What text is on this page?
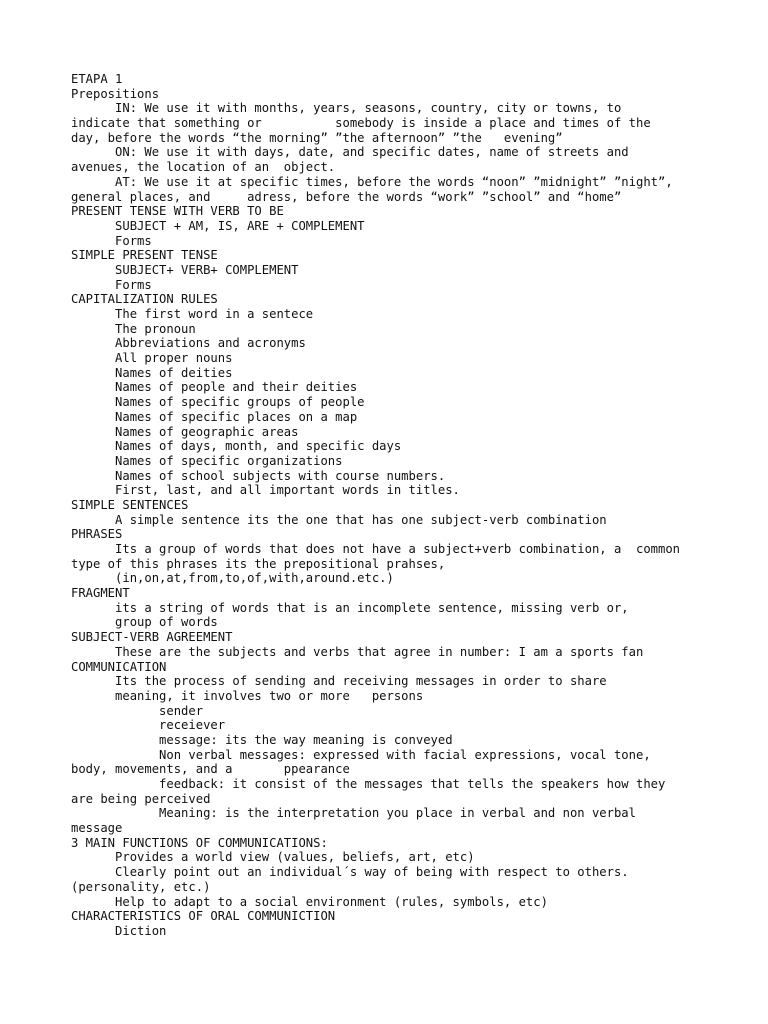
ETAPA 1
Prepositions
IN: We use it with months, years, seasons, country, city or towns, to
indicate that something or          somebody is inside a place and times of the
day, before the words “the morning” ”the afternoon” ”the   evening”
ON: We use it with days, date, and specific dates, name of streets and
avenues, the location of an  object.
AT: We use it at specific times, before the words “noon” ”midnight” ”night”,
general places, and     adress, before the words “work” ”school” and “home”
PRESENT TENSE WITH VERB TO BE
SUBJECT + AM, IS, ARE + COMPLEMENT
Forms
SIMPLE PRESENT TENSE
SUBJECT+ VERB+ COMPLEMENT
Forms
CAPITALIZATION RULES
The first word in a sentece
The pronoun
Abbreviations and acronyms
All proper nouns
Names of deities
Names of people and their deities
Names of specific groups of people
Names of specific places on a map
Names of geographic areas
Names of days, month, and specific days
Names of specific organizations
Names of school subjects with course numbers.
First, last, and all important words in titles.
SIMPLE SENTENCES
A simple sentence its the one that has one subject-verb combination
PHRASES
Its a group of words that does not have a subject+verb combination, a  common
type of this phrases its the prepositional prahses,
(in,on,at,from,to,of,with,around.etc.)
FRAGMENT
its a string of words that is an incomplete sentence, missing verb or,
group of words
SUBJECT-VERB AGREEMENT
These are the subjects and verbs that agree in number: I am a sports fan
COMMUNICATION
Its the process of sending and receiving messages in order to share
meaning, it involves two or more   persons
sender
receiever
message: its the way meaning is conveyed
Non verbal messages: expressed with facial expressions, vocal tone,
body, movements, and a       ppearance
feedback: it consist of the messages that tells the speakers how they
are being perceived
Meaning: is the interpretation you place in verbal and non verbal
message
3 MAIN FUNCTIONS OF COMMUNICATIONS:
Provides a world view (values, beliefs, art, etc)
Clearly point out an individual´s way of being with respect to others.
(personality, etc.)
Help to adapt to a social environment (rules, symbols, etc)
CHARACTERISTICS OF ORAL COMMUNICTION
Diction
